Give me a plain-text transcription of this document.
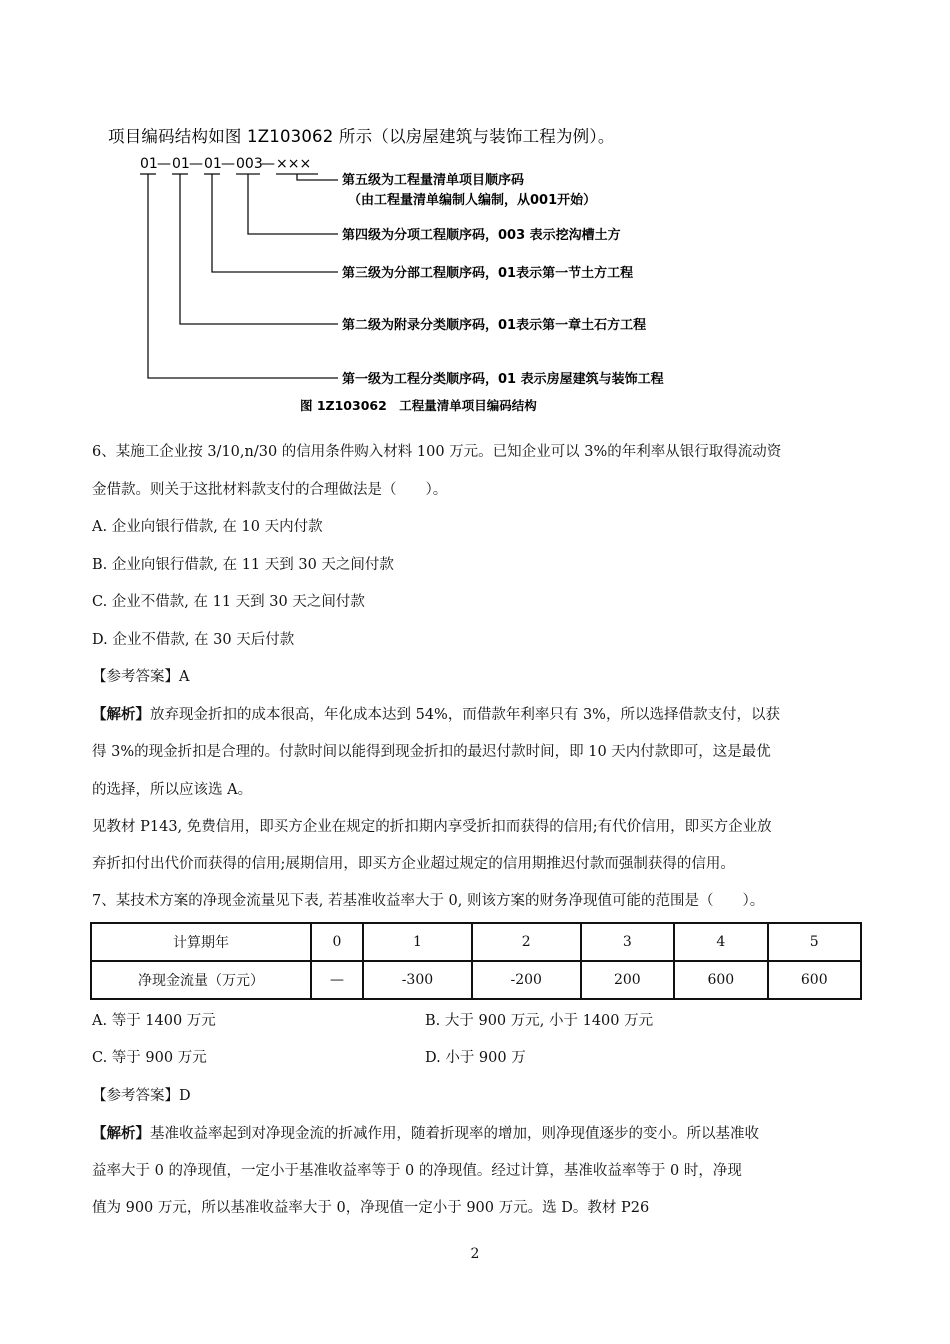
项目编码结构如图 1Z103062 所示（以房屋建筑与装饰工程为例）。
01 — 01 — 01 — 003
— ×××
第五级为工程量清单项目顺序码
（由工程量清单编制人编制，从001开始）
第四级为分项工程顺序码，003 表示挖沟槽土方
第三级为分部工程顺序码，01表示第一节土方工程
第二级为附录分类顺序码，01表示第一章土石方工程
第一级为工程分类顺序码，01 表示房屋建筑与装饰工程
图 1Z103062　工程量清单项目编码结构
6、某施工企业按 3/10,n/30 的信用条件购入材料 100 万元。已知企业可以 3%的年利率从银行取得流动资
金借款。则关于这批材料款支付的合理做法是（　　）。
A. 企业向银行借款, 在 10 天内付款
B. 企业向银行借款, 在 11 天到 30 天之间付款
C. 企业不借款, 在 11 天到 30 天之间付款
D. 企业不借款, 在 30 天后付款
【参考答案】A
【解析】放弃现金折扣的成本很高，年化成本达到 54%，而借款年利率只有 3%，所以选择借款支付，以获
得 3%的现金折扣是合理的。付款时间以能得到现金折扣的最迟付款时间，即 10 天内付款即可，这是最优
的选择，所以应该选 A。
见教材 P143, 免费信用，即买方企业在规定的折扣期内享受折扣而获得的信用;有代价信用，即买方企业放
弃折扣付出代价而获得的信用;展期信用，即买方企业超过规定的信用期推迟付款而强制获得的信用。
7、某技术方案的净现金流量见下表, 若基准收益率大于 0, 则该方案的财务净现值可能的范围是（　　）。
计算期年	0	1	2	3	4	5
净现金流量（万元）	—	-300	-200	200	600	600
A. 等于 1400 万元	B. 大于 900 万元, 小于 1400 万元
C. 等于 900 万元	D. 小于 900 万
【参考答案】D
【解析】基准收益率起到对净现金流的折减作用，随着折现率的增加，则净现值逐步的变小。所以基准收
益率大于 0 的净现值，一定小于基准收益率等于 0 的净现值。经过计算，基准收益率等于 0 时，净现
值为 900 万元，所以基准收益率大于 0，净现值一定小于 900 万元。选 D。教材 P26
2
